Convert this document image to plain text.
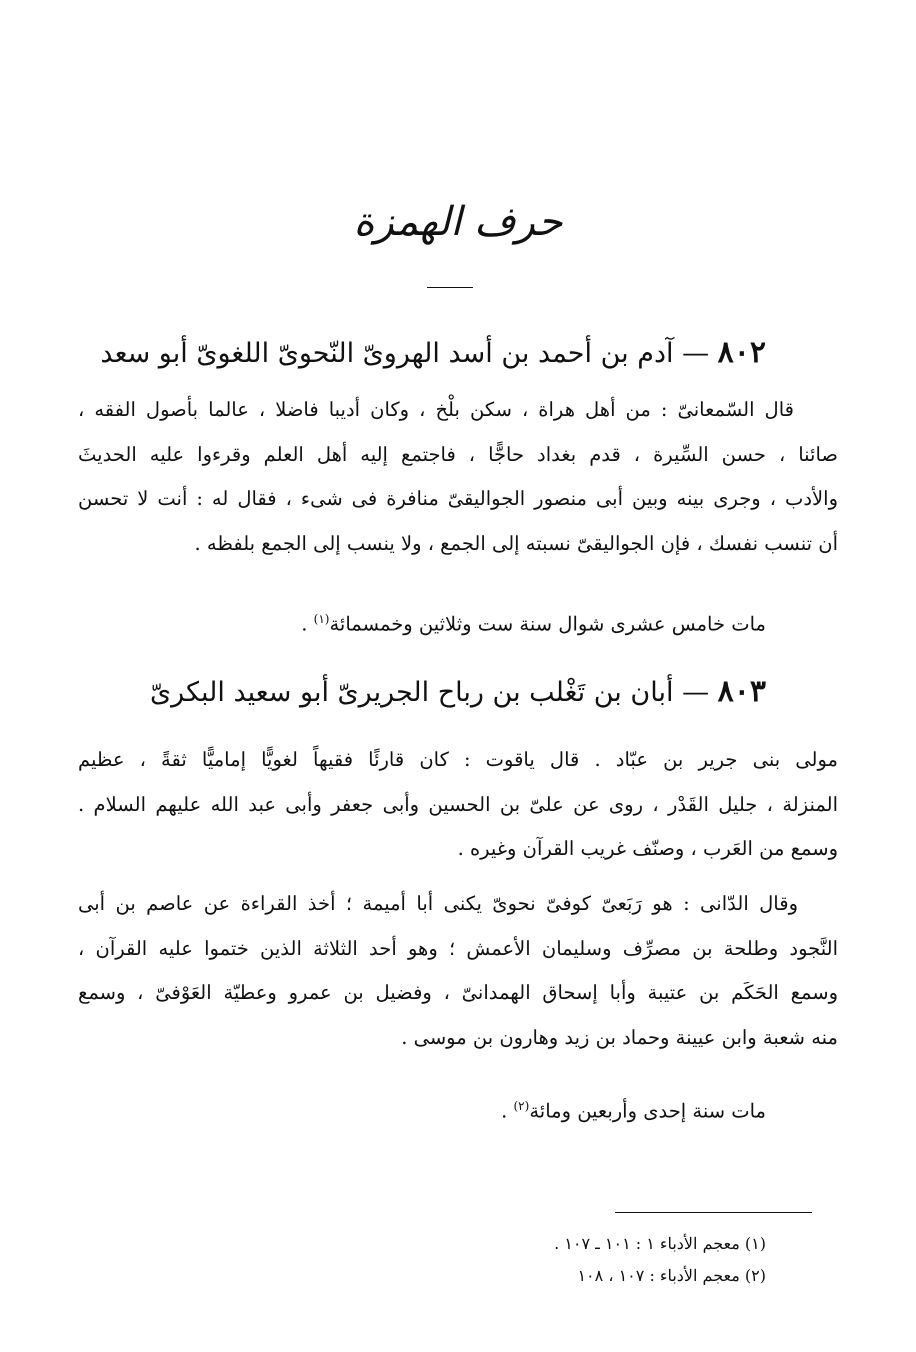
حرف الهمزة
٨٠٢ — آدم بن أحمد بن أسد الهروىّ النّحوىّ اللغوىّ أبو سعد
قال السّمعانىّ : من أهل هراة ، سكن بلْخ ، وكان أديبا فاضلا ، عالما بأصول الفقه ،
صائنا ، حسن السِّيرة ، قدم بغداد حاجًّا ، فاجتمع إليه أهل العلم وقرءوا عليه الحديثَ
والأدب ، وجرى بينه وبين أبى منصور الجواليقىّ منافرة فى شىء ، فقال له : أنت لا تحسن
أن تنسب نفسك ، فإن الجواليقىّ نسبته إلى الجمع ، ولا ينسب إلى الجمع بلفظه .
مات خامس عشرى شوال سنة ست وثلاثين وخمسمائة$^{(١)}$ .
٨٠٣ — أبان بن تَغْلب بن رباح الجريرىّ أبو سعيد البكرىّ
مولى بنى جرير بن عبّاد . قال ياقوت : كان قارئًا فقيهاً لغويًّا إماميًّا ثقةً ، عظيم
المنزلة ، جليل القَدْر ، روى عن علىّ بن الحسين وأبى جعفر وأبى عبد الله عليهم السلام .
وسمع من العَرب ، وصنّف غريب القرآن وغيره .
وقال الدّانى : هو رَبَعىّ كوفىّ نحوىّ يكنى أبا أميمة ؛ أخذ القراءة عن عاصم بن أبى
النَّجود وطلحة بن مصرِّف وسليمان الأعمش ؛ وهو أحد الثلاثة الذين ختموا عليه القرآن ،
وسمع الحَكَم بن عتيبة وأبا إسحاق الهمدانىّ ، وفضيل بن عمرو وعطيّة العَوْفىّ ، وسمع
منه شعبة وابن عيينة وحماد بن زيد وهارون بن موسى .
مات سنة إحدى وأربعين ومائة$^{(٢)}$ .
(١) معجم الأدباء ١ : ١٠١ ـ ١٠٧ .
(٢) معجم الأدباء : ١٠٧ ، ١٠٨
